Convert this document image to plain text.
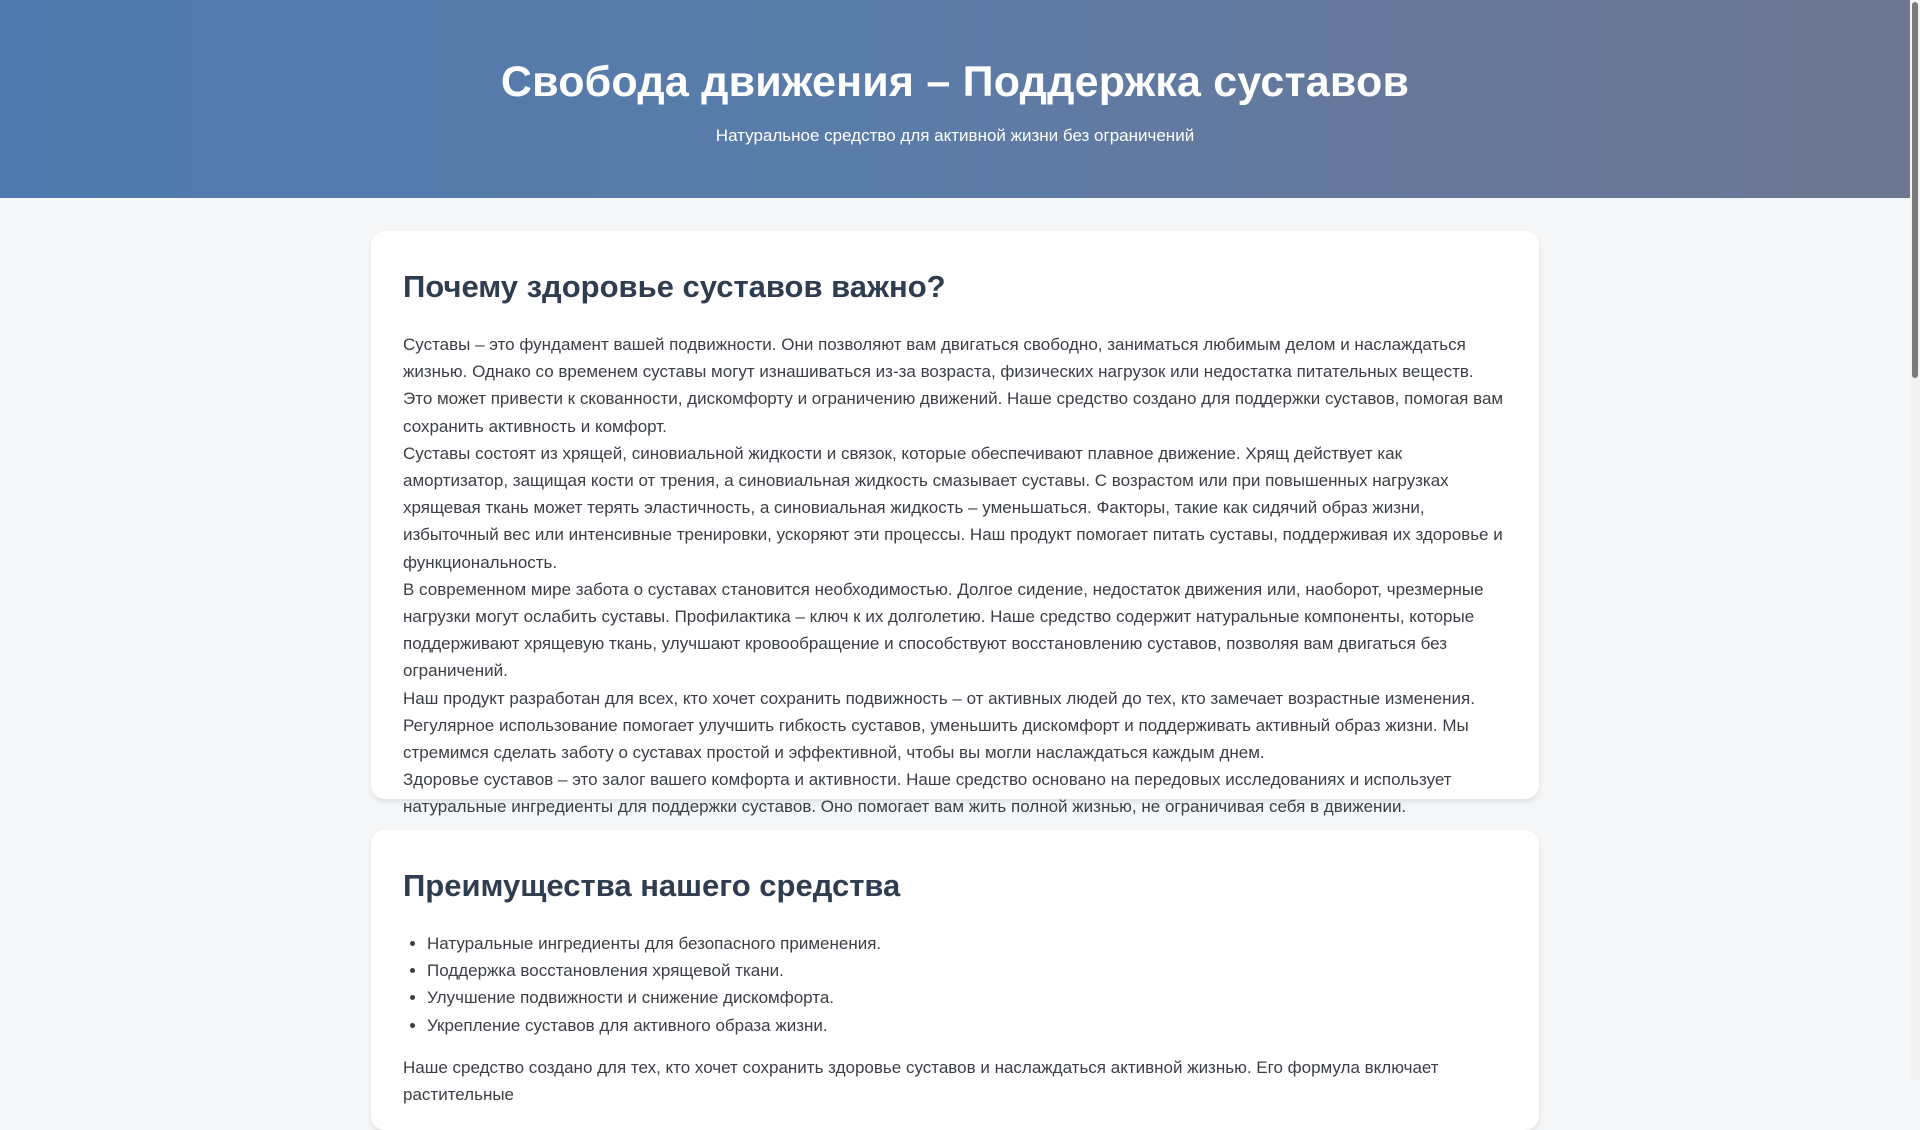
Свобода движения – Поддержка суставов

Натуральное средство для активной жизни без ограничений

Почему здоровье суставов важно?

Суставы – это фундамент вашей подвижности. Они позволяют вам двигаться свободно, заниматься любимым делом и наслаждаться жизнью. Однако со временем суставы могут изнашиваться из-за возраста, физических нагрузок или недостатка питательных веществ. Это может привести к скованности, дискомфорту и ограничению движений. Наше средство создано для поддержки суставов, помогая вам сохранить активность и комфорт.

Суставы состоят из хрящей, синовиальной жидкости и связок, которые обеспечивают плавное движение. Хрящ действует как амортизатор, защищая кости от трения, а синовиальная жидкость смазывает суставы. С возрастом или при повышенных нагрузках хрящевая ткань может терять эластичность, а синовиальная жидкость – уменьшаться. Факторы, такие как сидячий образ жизни, избыточный вес или интенсивные тренировки, ускоряют эти процессы. Наш продукт помогает питать суставы, поддерживая их здоровье и функциональность.

В современном мире забота о суставах становится необходимостью. Долгое сидение, недостаток движения или, наоборот, чрезмерные нагрузки могут ослабить суставы. Профилактика – ключ к их долголетию. Наше средство содержит натуральные компоненты, которые поддерживают хрящевую ткань, улучшают кровообращение и способствуют восстановлению суставов, позволяя вам двигаться без ограничений.

Наш продукт разработан для всех, кто хочет сохранить подвижность – от активных людей до тех, кто замечает возрастные изменения. Регулярное использование помогает улучшить гибкость суставов, уменьшить дискомфорт и поддерживать активный образ жизни. Мы стремимся сделать заботу о суставах простой и эффективной, чтобы вы могли наслаждаться каждым днем.

Здоровье суставов – это залог вашего комфорта и активности. Наше средство основано на передовых исследованиях и использует натуральные ингредиенты для поддержки суставов. Оно помогает вам жить полной жизнью, не ограничивая себя в движении.

Преимущества нашего средства
• Натуральные ингредиенты для безопасного применения.
• Поддержка восстановления хрящевой ткани.
• Улучшение подвижности и снижение дискомфорта.
• Укрепление суставов для активного образа жизни.

Наше средство создано для тех, кто хочет сохранить здоровье суставов и наслаждаться активной жизнью. Его формула включает растительные
